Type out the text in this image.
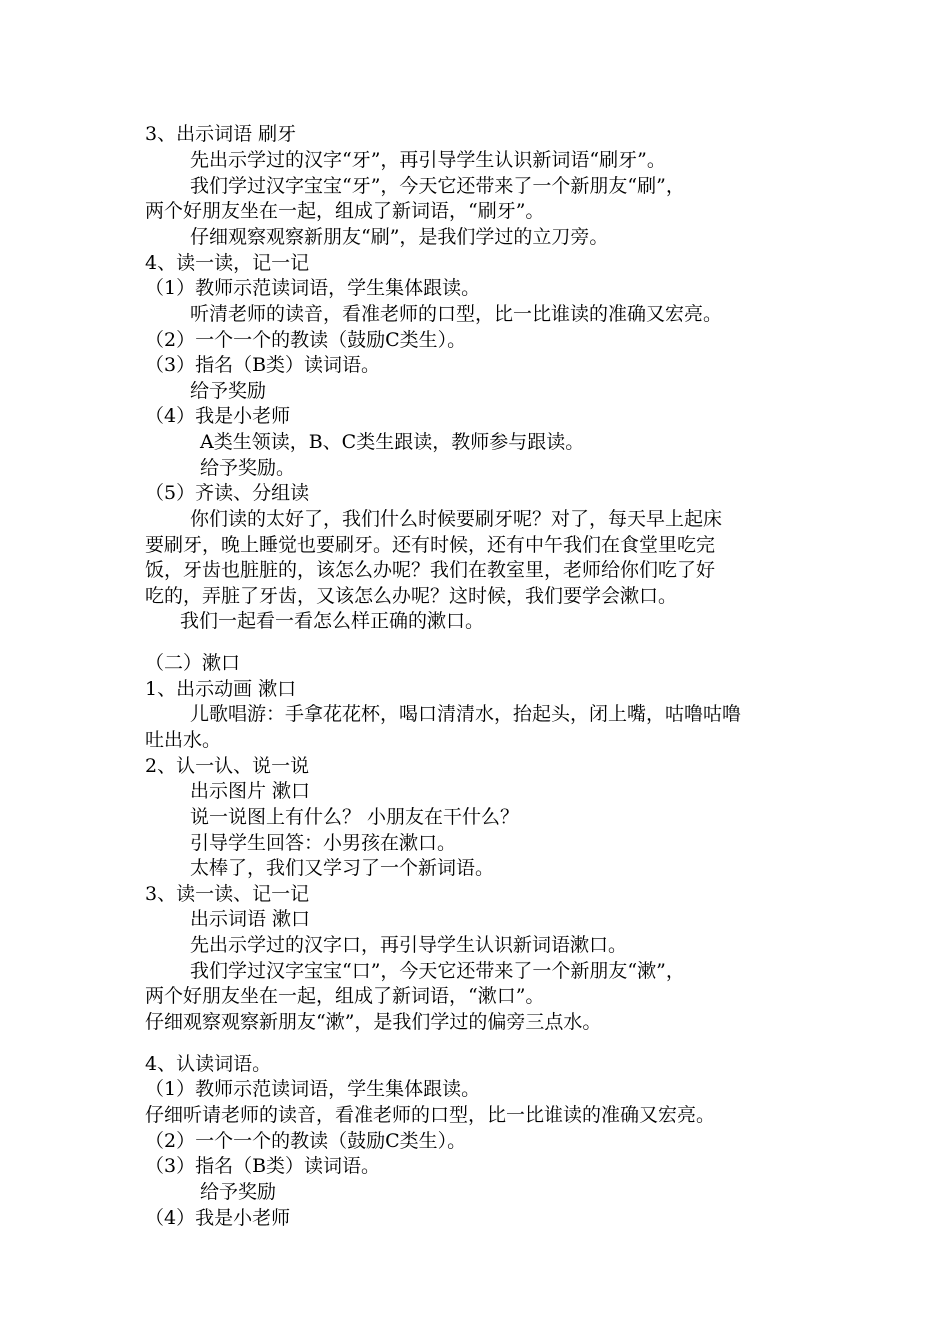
3、出示词语 刷牙
先出示学过的汉字“牙”，再引导学生认识新词语“刷牙”。
我们学过汉字宝宝“牙”，今天它还带来了一个新朋友“刷”，
两个好朋友坐在一起，组成了新词语，“刷牙”。
仔细观察观察新朋友“刷”，是我们学过的立刀旁。
4、读一读，记一记
（1）教师示范读词语，学生集体跟读。
听清老师的读音，看准老师的口型，比一比谁读的准确又宏亮。
（2）一个一个的教读（鼓励C类生）。
（3）指名（B类）读词语。
给予奖励
（4）我是小老师
A类生领读，B、C类生跟读，教师参与跟读。
给予奖励。
（5）齐读、分组读
你们读的太好了，我们什么时候要刷牙呢？对了，每天早上起床
要刷牙，晚上睡觉也要刷牙。还有时候，还有中午我们在食堂里吃完
饭，牙齿也脏脏的，该怎么办呢？我们在教室里，老师给你们吃了好
吃的，弄脏了牙齿，又该怎么办呢？这时候，我们要学会漱口。
我们一起看一看怎么样正确的漱口。
（二）漱口
1、出示动画 漱口
儿歌唱游：手拿花花杯，喝口清清水，抬起头，闭上嘴，咕噜咕噜
吐出水。
2、认一认、说一说
出示图片 漱口
说一说图上有什么？ 小朋友在干什么？
引导学生回答：小男孩在漱口。
太棒了，我们又学习了一个新词语。
3、读一读、记一记
出示词语 漱口
先出示学过的汉字口，再引导学生认识新词语漱口。
我们学过汉字宝宝“口”，今天它还带来了一个新朋友“漱”，
两个好朋友坐在一起，组成了新词语，“漱口”。
仔细观察观察新朋友“漱”，是我们学过的偏旁三点水。
4、认读词语。
（1）教师示范读词语，学生集体跟读。
仔细听请老师的读音，看准老师的口型，比一比谁读的准确又宏亮。
（2）一个一个的教读（鼓励C类生）。
（3）指名（B类）读词语。
给予奖励
（4）我是小老师
